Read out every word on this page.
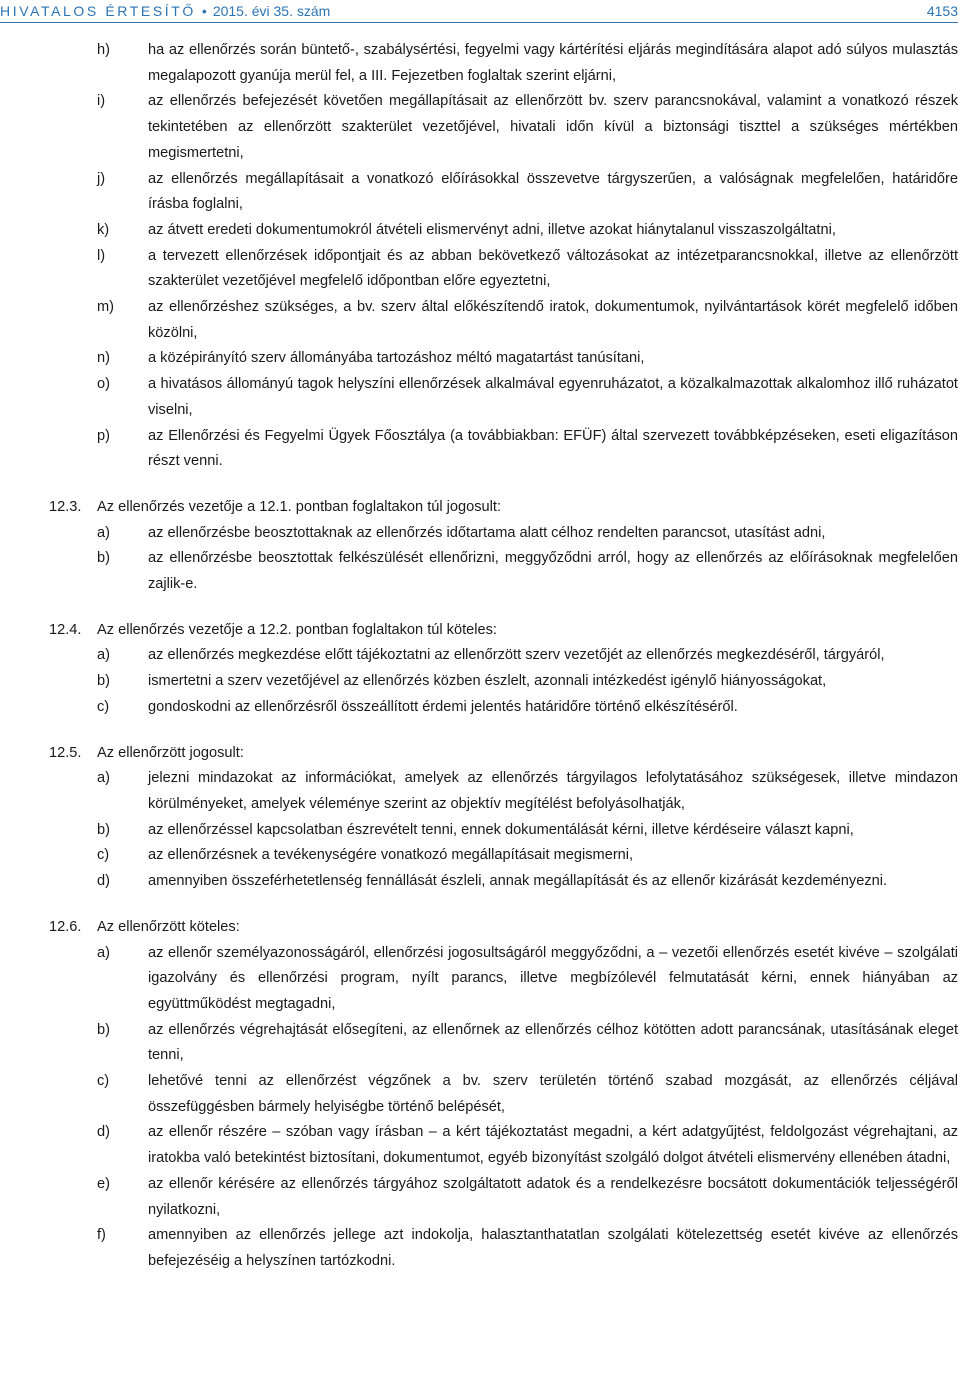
HIVATALOS ÉRTESÍTŐ • 2015. évi 35. szám	4153
h)	ha az ellenőrzés során büntető-, szabálysértési, fegyelmi vagy kártérítési eljárás megindítására alapot adó súlyos mulasztás megalapozott gyanúja merül fel, a III. Fejezetben foglaltak szerint eljárni,
i)	az ellenőrzés befejezését követően megállapításait az ellenőrzött bv. szerv parancsnokával, valamint a vonatkozó részek tekintetében az ellenőrzött szakterület vezetőjével, hivatali időn kívül a biztonsági tiszttel a szükséges mértékben megismertetni,
j)	az ellenőrzés megállapításait a vonatkozó előírásokkal összevetve tárgyszerűen, a valóságnak megfelelően, határidőre írásba foglalni,
k)	az átvett eredeti dokumentumokról átvételi elismervényt adni, illetve azokat hiánytalanul visszaszolgáltatni,
l)	a tervezett ellenőrzések időpontjait és az abban bekövetkező változásokat az intézetparancsnokkal, illetve az ellenőrzött szakterület vezetőjével megfelelő időpontban előre egyeztetni,
m)	az ellenőrzéshez szükséges, a bv. szerv által előkészítendő iratok, dokumentumok, nyilvántartások körét megfelelő időben közölni,
n)	a középirányító szerv állományába tartozáshoz méltó magatartást tanúsítani,
o)	a hivatásos állományú tagok helyszíni ellenőrzések alkalmával egyenruházatot, a közalkalmazottak alkalomhoz illő ruházatot viselni,
p)	az Ellenőrzési és Fegyelmi Ügyek Főosztálya (a továbbiakban: EFÜF) által szervezett továbbképzéseken, eseti eligazításon részt venni.
12.3.	Az ellenőrzés vezetője a 12.1. pontban foglaltakon túl jogosult:
a)	az ellenőrzésbe beosztottaknak az ellenőrzés időtartama alatt célhoz rendelten parancsot, utasítást adni,
b)	az ellenőrzésbe beosztottak felkészülését ellenőrizni, meggyőződni arról, hogy az ellenőrzés az előírásoknak megfelelően zajlik-e.
12.4.	Az ellenőrzés vezetője a 12.2. pontban foglaltakon túl köteles:
a)	az ellenőrzés megkezdése előtt tájékoztatni az ellenőrzött szerv vezetőjét az ellenőrzés megkezdéséről, tárgyáról,
b)	ismertetni a szerv vezetőjével az ellenőrzés közben észlelt, azonnali intézkedést igénylő hiányosságokat,
c)	gondoskodni az ellenőrzésről összeállított érdemi jelentés határidőre történő elkészítéséről.
12.5.	Az ellenőrzött jogosult:
a)	jelezni mindazokat az információkat, amelyek az ellenőrzés tárgyilagos lefolytatásához szükségesek, illetve mindazon körülményeket, amelyek véleménye szerint az objektív megítélést befolyásolhatják,
b)	az ellenőrzéssel kapcsolatban észrevételt tenni, ennek dokumentálását kérni, illetve kérdéseire választ kapni,
c)	az ellenőrzésnek a tevékenységére vonatkozó megállapításait megismerni,
d)	amennyiben összeférhetetlenség fennállását észleli, annak megállapítását és az ellenőr kizárását kezdeményezni.
12.6.	Az ellenőrzött köteles:
a)	az ellenőr személyazonosságáról, ellenőrzési jogosultságáról meggyőződni, a – vezetői ellenőrzés esetét kivéve – szolgálati igazolvány és ellenőrzési program, nyílt parancs, illetve megbízólevél felmutatását kérni, ennek hiányában az együttműködést megtagadni,
b)	az ellenőrzés végrehajtását elősegíteni, az ellenőrnek az ellenőrzés célhoz kötötten adott parancsának, utasításának eleget tenni,
c)	lehetővé tenni az ellenőrzést végzőnek a bv. szerv területén történő szabad mozgását, az ellenőrzés céljával összefüggésben bármely helyiségbe történő belépését,
d)	az ellenőr részére – szóban vagy írásban – a kért tájékoztatást megadni, a kért adatgyűjtést, feldolgozást végrehajtani, az iratokba való betekintést biztosítani, dokumentumot, egyéb bizonyítást szolgáló dolgot átvételi elismervény ellenében átadni,
e)	az ellenőr kérésére az ellenőrzés tárgyához szolgáltatott adatok és a rendelkezésre bocsátott dokumentációk teljességéről nyilatkozni,
f)	amennyiben az ellenőrzés jellege azt indokolja, halasztanthatatlan szolgálati kötelezettség esetét kivéve az ellenőrzés befejezéséig a helyszínen tartózkodni.
